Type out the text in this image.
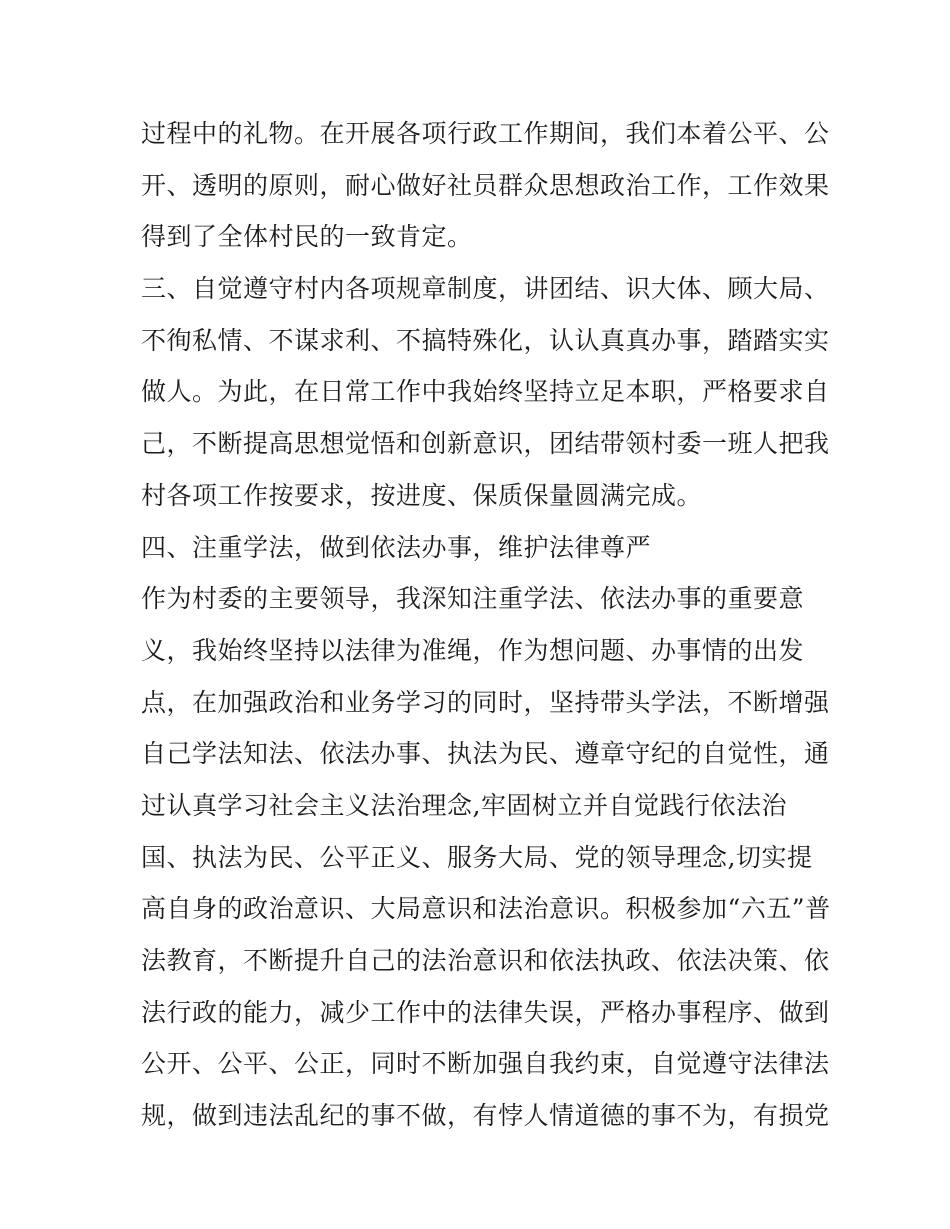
过程中的礼物。在开展各项行政工作期间，我们本着公平、公
开、透明的原则，耐心做好社员群众思想政治工作，工作效果
得到了全体村民的一致肯定。
三、自觉遵守村内各项规章制度，讲团结、识大体、顾大局、
不徇私情、不谋求利、不搞特殊化，认认真真办事，踏踏实实
做人。为此，在日常工作中我始终坚持立足本职，严格要求自
己，不断提高思想觉悟和创新意识，团结带领村委一班人把我
村各项工作按要求，按进度、保质保量圆满完成。
四、注重学法，做到依法办事，维护法律尊严
作为村委的主要领导，我深知注重学法、依法办事的重要意
义，我始终坚持以法律为准绳，作为想问题、办事情的出发
点，在加强政治和业务学习的同时，坚持带头学法，不断增强
自己学法知法、依法办事、执法为民、遵章守纪的自觉性，通
过认真学习社会主义法治理念,牢固树立并自觉践行依法治
国、执法为民、公平正义、服务大局、党的领导理念,切实提
高自身的政治意识、大局意识和法治意识。积极参加“六五”普
法教育，不断提升自己的法治意识和依法执政、依法决策、依
法行政的能力，减少工作中的法律失误，严格办事程序、做到
公开、公平、公正，同时不断加强自我约束，自觉遵守法律法
规，做到违法乱纪的事不做，有悖人情道德的事不为，有损党
